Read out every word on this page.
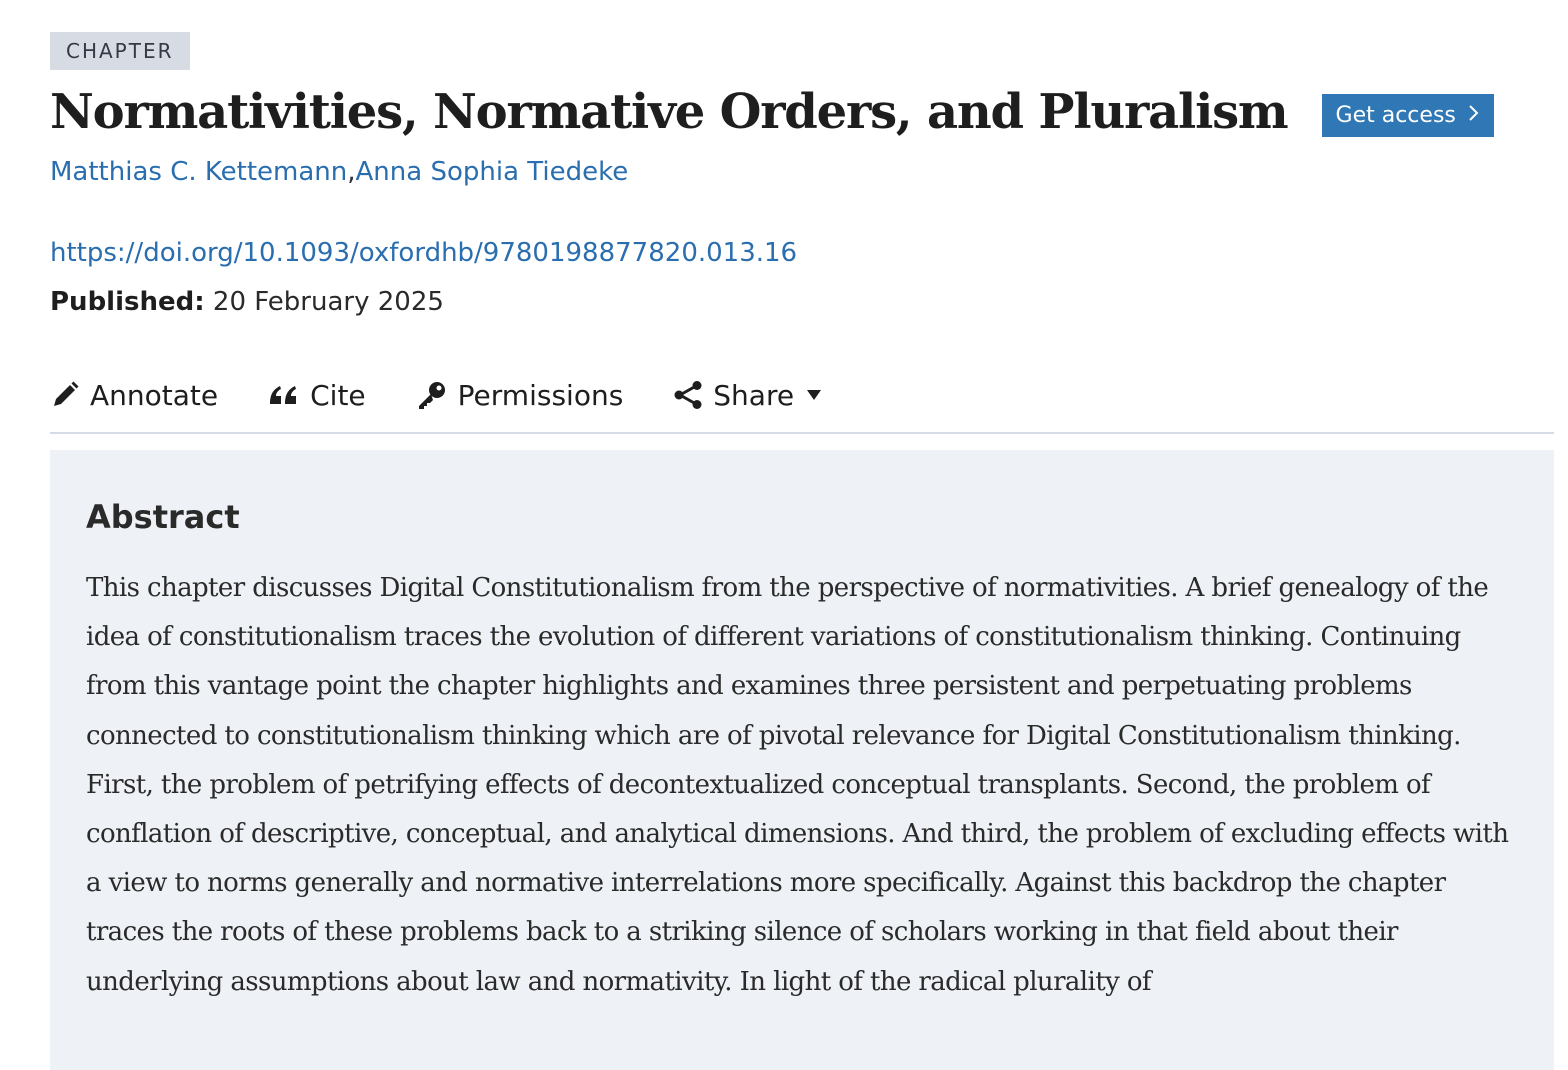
CHAPTER
Normativities, Normative Orders, and Pluralism Get access
Matthias C. Kettemann,Anna Sophia Tiedeke
https://doi.org/10.1093/oxfordhb/9780198877820.013.16
Published: 20 February 2025
Annotate	Cite	Permissions	Share
Abstract

This chapter discusses Digital Constitutionalism from the perspective of normativities. A brief genealogy of the idea of constitutionalism traces the evolution of different variations of constitutionalism thinking. Continuing from this vantage point the chapter highlights and examines three persistent and perpetuating problems connected to constitutionalism thinking which are of pivotal relevance for Digital Constitutionalism thinking. First, the problem of petrifying effects of decontextualized conceptual transplants. Second, the problem of conflation of descriptive, conceptual, and analytical dimensions. And third, the problem of excluding effects with a view to norms generally and normative interrelations more specifically. Against this backdrop the chapter traces the roots of these problems back to a striking silence of scholars working in that field about their underlying assumptions about law and normativity. In light of the radical plurality of
